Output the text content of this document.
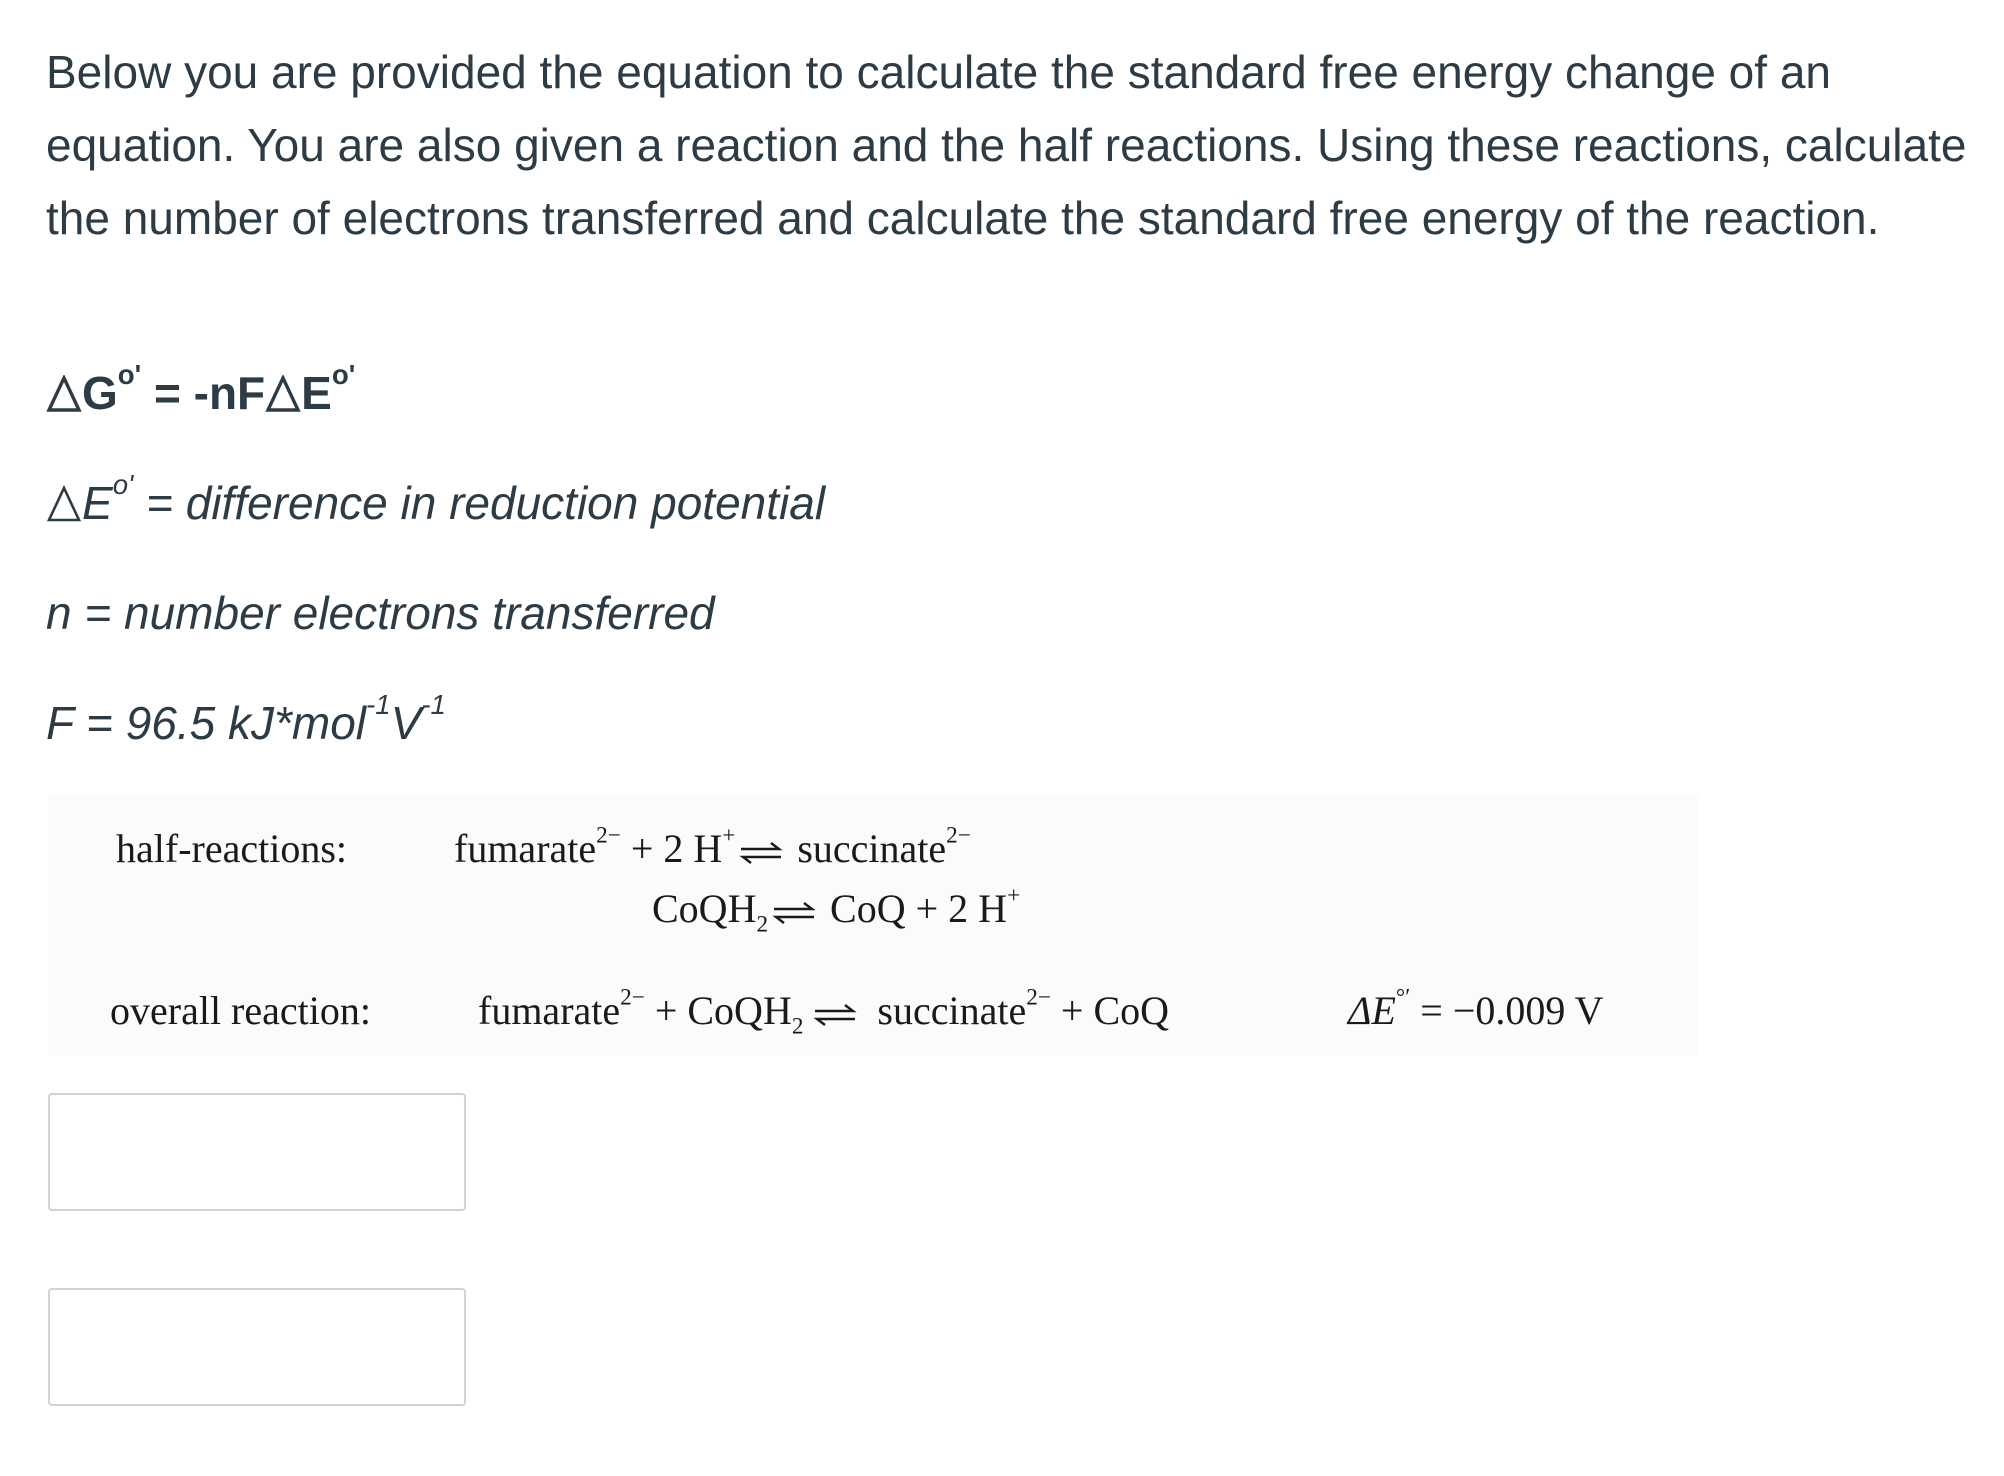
Below you are provided the equation to calculate the standard free energy change of an equation. You are also given a reaction and the half reactions. Using these reactions, calculate the number of electrons transferred and calculate the standard free energy of the reaction.

$G^{o'} = -nF$ $E^{o'}$
$E^{o'}$ = difference in reduction potential
n = number electrons transferred
F = 96.5 $kJ*mol^{-1}V^{-1}$
half-reactions:	fumarate$^{2-}$ + 2 H+ ⇌ succinate$^{2-}$
CoQH$_2$ ⇌ CoQ + 2 H+
overall reaction:	fumarate$^{2-}$ + CoQH$_2$ ⇌ succinate$^{2-}$ + CoQ	ΔE°′ = −0.009 V
